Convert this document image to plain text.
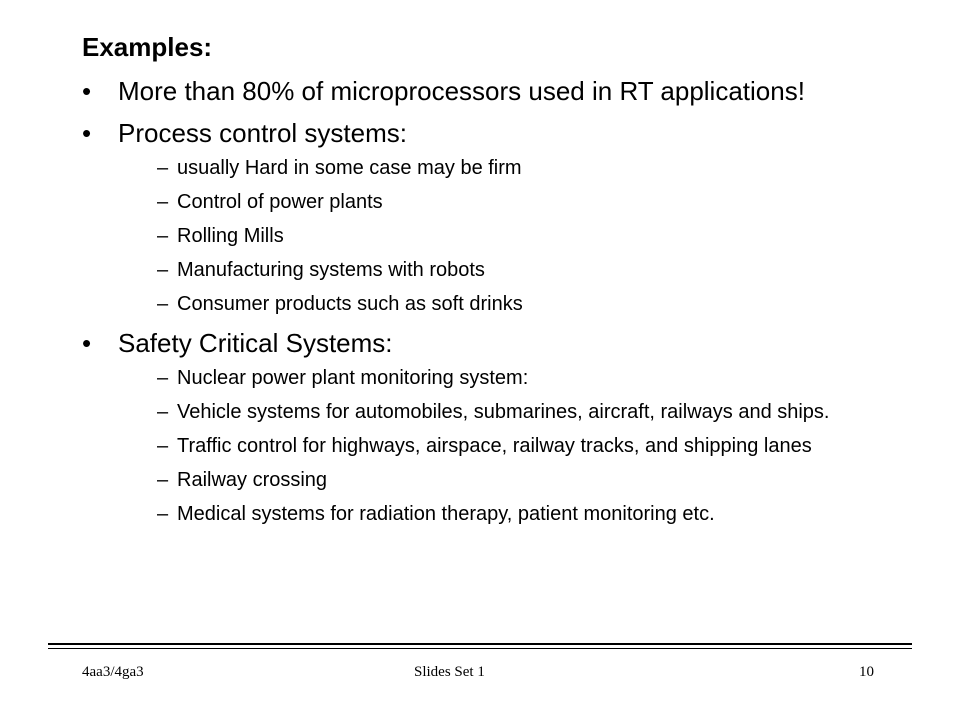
Examples:
• More than 80% of microprocessors used in RT applications!
• Process control systems:
– usually Hard in some case may be firm
– Control of power plants
– Rolling Mills
– Manufacturing systems with robots
– Consumer products such as soft drinks
• Safety Critical Systems:
– Nuclear power plant monitoring system:
– Vehicle systems for automobiles, submarines, aircraft, railways and ships.
– Traffic control for highways, airspace, railway tracks, and shipping lanes
– Railway crossing
– Medical systems for radiation therapy, patient monitoring etc.
4aa3/4ga3	Slides Set 1	10
